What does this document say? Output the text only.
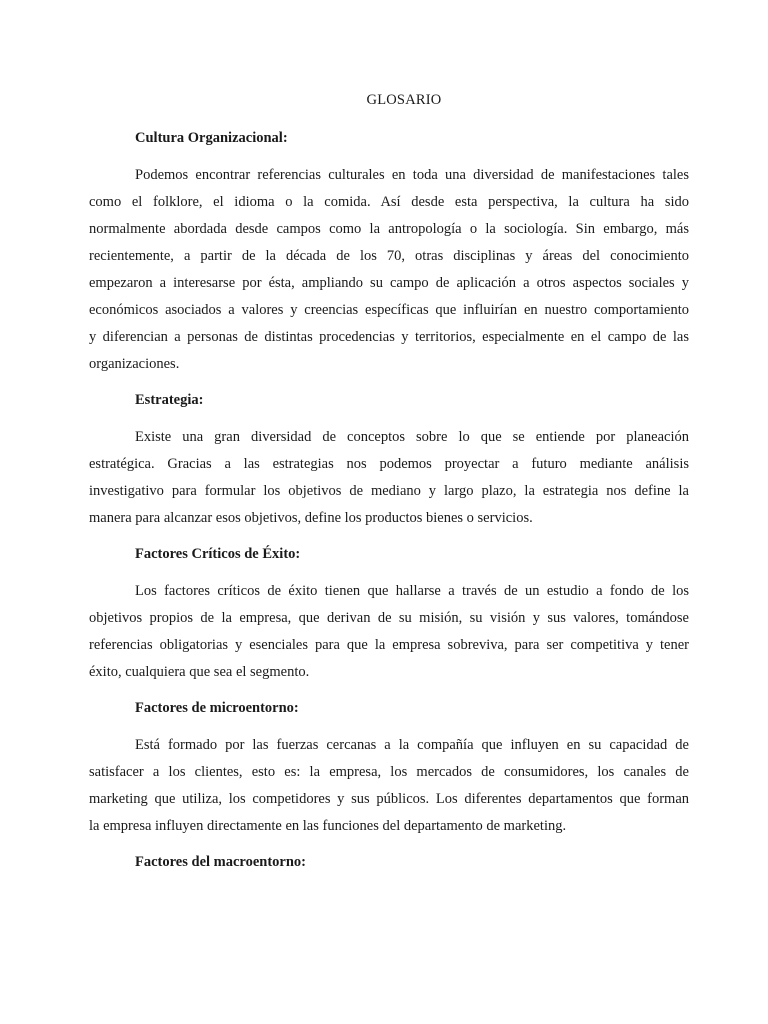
GLOSARIO
Cultura Organizacional:
Podemos encontrar referencias culturales en toda una diversidad de manifestaciones tales
como el folklore, el idioma o la comida. Así desde esta perspectiva, la cultura ha sido
normalmente abordada desde campos como la antropología o la sociología. Sin embargo, más
recientemente, a partir de la década de los 70, otras disciplinas y áreas del conocimiento
empezaron a interesarse por ésta, ampliando su campo de aplicación a otros aspectos sociales y
económicos asociados a valores y creencias específicas que influirían en nuestro comportamiento
y diferencian a personas de distintas procedencias y territorios, especialmente en el campo de las
organizaciones.
Estrategia:
Existe una gran diversidad de conceptos sobre lo que se entiende por planeación
estratégica. Gracias a las estrategias nos podemos proyectar a futuro mediante análisis
investigativo para formular los objetivos de mediano y largo plazo, la estrategia nos define la
manera para alcanzar esos objetivos, define los productos bienes o servicios.
Factores Críticos de Éxito:
Los factores críticos de éxito tienen que hallarse a través de un estudio a fondo de los
objetivos propios de la empresa, que derivan de su misión, su visión y sus valores, tomándose
referencias obligatorias y esenciales para que la empresa sobreviva, para ser competitiva y tener
éxito, cualquiera que sea el segmento.
Factores de microentorno:
Está formado por las fuerzas cercanas a la compañía que influyen en su capacidad de
satisfacer a los clientes, esto es: la empresa, los mercados de consumidores, los canales de
marketing que utiliza, los competidores y sus públicos. Los diferentes departamentos que forman
la empresa influyen directamente en las funciones del departamento de marketing.
Factores del macroentorno:
